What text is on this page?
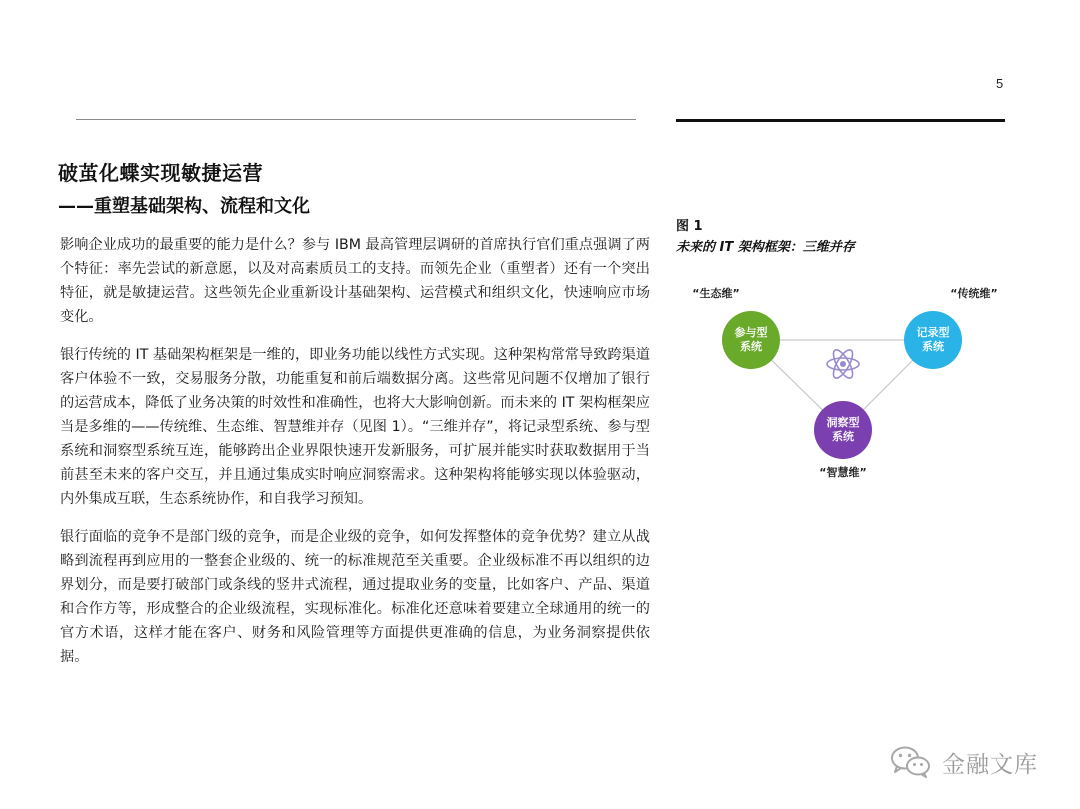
5
破茧化蝶实现敏捷运营
——重塑基础架构、流程和文化

影响企业成功的最重要的能力是什么？参与 IBM 最高管理层调研的首席执行官们重点强调了两个特征：率先尝试的新意愿，以及对高素质员工的支持。而领先企业（重塑者）还有一个突出特征，就是敏捷运营。这些领先企业重新设计基础架构、运营模式和组织文化，快速响应市场变化。

银行传统的 IT 基础架构框架是一维的，即业务功能以线性方式实现。这种架构常常导致跨渠道客户体验不一致，交易服务分散，功能重复和前后端数据分离。这些常见问题不仅增加了银行的运营成本，降低了业务决策的时效性和准确性，也将大大影响创新。而未来的 IT 架构框架应当是多维的——传统维、生态维、智慧维并存（见图 1）。“三维并存”，将记录型系统、参与型系统和洞察型系统互连，能够跨出企业界限快速开发新服务，可扩展并能实时获取数据用于当前甚至未来的客户交互，并且通过集成实时响应洞察需求。这种架构将能够实现以体验驱动，内外集成互联，生态系统协作，和自我学习预知。

银行面临的竞争不是部门级的竞争，而是企业级的竞争，如何发挥整体的竞争优势？建立从战略到流程再到应用的一整套企业级的、统一的标准规范至关重要。企业级标准不再以组织的边界划分，而是要打破部门或条线的竖井式流程，通过提取业务的变量，比如客户、产品、渠道和合作方等，形成整合的企业级流程，实现标准化。标准化还意味着要建立全球通用的统一的官方术语，这样才能在客户、财务和风险管理等方面提供更准确的信息，为业务洞察提供依据。

图 1
未来的 IT 架构框架：三维并存
“生态维”
参与型
系统
“传统维”
记录型
系统
洞察型
系统
“智慧维”
金融文库
